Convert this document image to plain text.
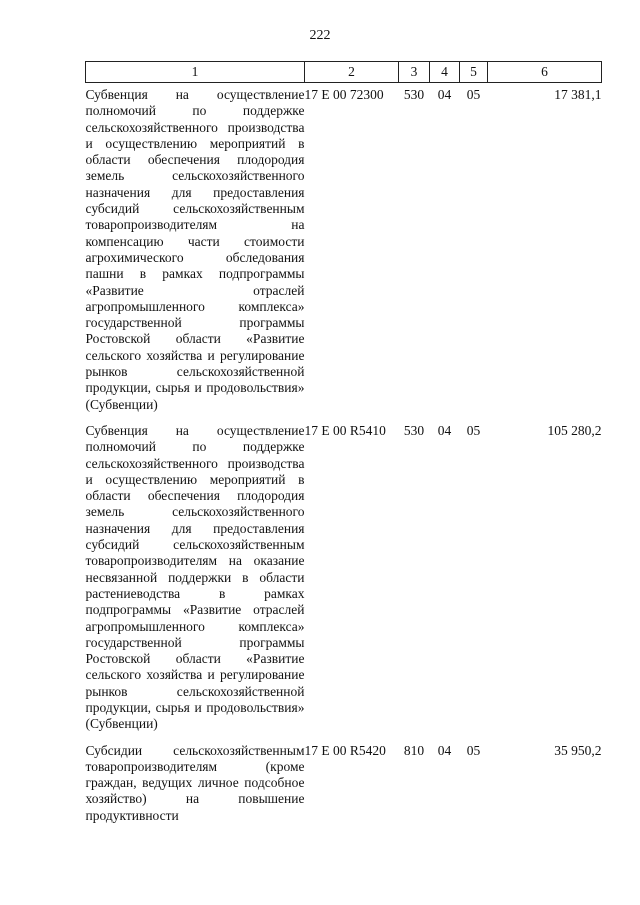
222
1	2	3	4	5	6
Субвенция на осуществление полномочий по поддержке сельскохозяйственного производства и осуществлению мероприятий в области обеспечения плодородия земель сельскохозяйственного назначения для предоставления субсидий сельскохозяйственным товаропроизводителям на компенсацию части стоимости агрохимического обследования пашни в рамках подпрограммы «Развитие отраслей агропромышленного комплекса» государственной программы Ростовской области «Развитие сельского хозяйства и регулирование рынков сельскохозяйственной продукции, сырья и продовольствия» (Субвенции)	17 Е 00 72300	530	04	05	17 381,1
Субвенция на осуществление полномочий по поддержке сельскохозяйственного производства и осуществлению мероприятий в области обеспечения плодородия земель сельскохозяйственного назначения для предоставления субсидий сельскохозяйственным товаропроизводителям на оказание несвязанной поддержки в области растениеводства в рамках подпрограммы «Развитие отраслей агропромышленного комплекса» государственной программы Ростовской области «Развитие сельского хозяйства и регулирование рынков сельскохозяйственной продукции, сырья и продовольствия» (Субвенции)	17 Е 00 R5410	530	04	05	105 280,2
Субсидии сельскохозяйственным товаропроизводителям (кроме граждан, ведущих личное подсобное хозяйство) на повышение продуктивности	17 Е 00 R5420	810	04	05	35 950,2
